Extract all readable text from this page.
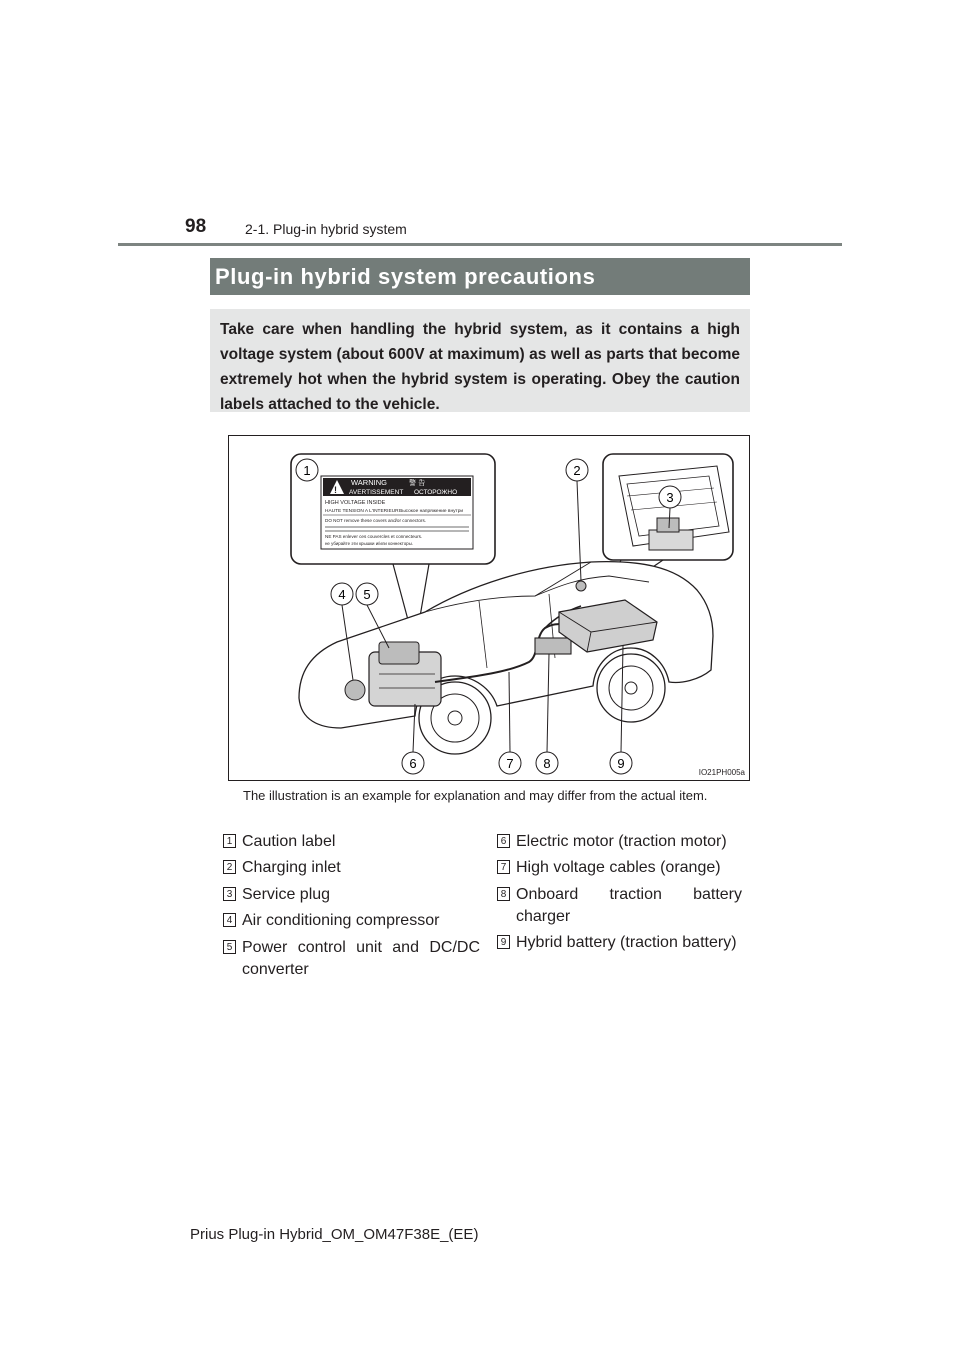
98	2-1. Plug-in hybrid system
Plug-in hybrid system precautions
Take care when handling the hybrid system, as it contains a high voltage system (about 600V at maximum) as well as parts that become extremely hot when the hybrid system is operating. Obey the caution labels attached to the vehicle.
!
WARNING
AVERTISSEMENT
警 告
ОСТОРОЖНО
HIGH VOLTAGE INSIDE
HAUTE TENSION A L'INTERIEUR Высокое напряжение внутри
DO NOT remove these covers and/or connectors.
NE PAS enlever ces couvercles et connecteurs.
не убирайте эти крышки и/или коннекторы.
1	2
3
4 5
6	7 8	9
IO21PH005a
The illustration is an example for explanation and may differ from the actual item.
1 Caution label
2 Charging inlet
3 Service plug
4 Air conditioning compressor
5 Power control unit and DC/DC converter
6 Electric motor (traction motor)
7 High voltage cables (orange)
8 Onboard traction battery charger
9 Hybrid battery (traction battery)
Prius Plug-in Hybrid_OM_OM47F38E_(EE)
